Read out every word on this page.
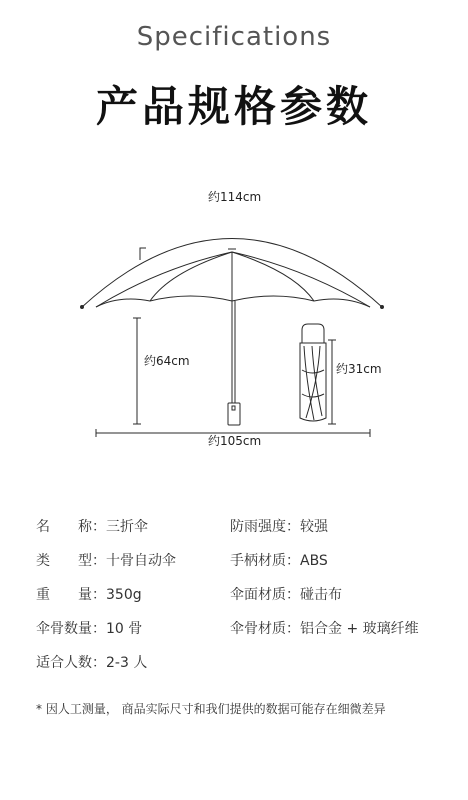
Specifications
产品规格参数
约114cm
约64cm
约31cm
约105cm
名　　称：三折伞
类　　型：十骨自动伞
重　　量：350g
伞骨数量：10 骨
适合人数：2-3 人
防雨强度：较强
手柄材质：ABS
伞面材质：碰击布
伞骨材质：铝合金 + 玻璃纤维
* 因人工测量， 商品实际尺寸和我们提供的数据可能存在细微差异
